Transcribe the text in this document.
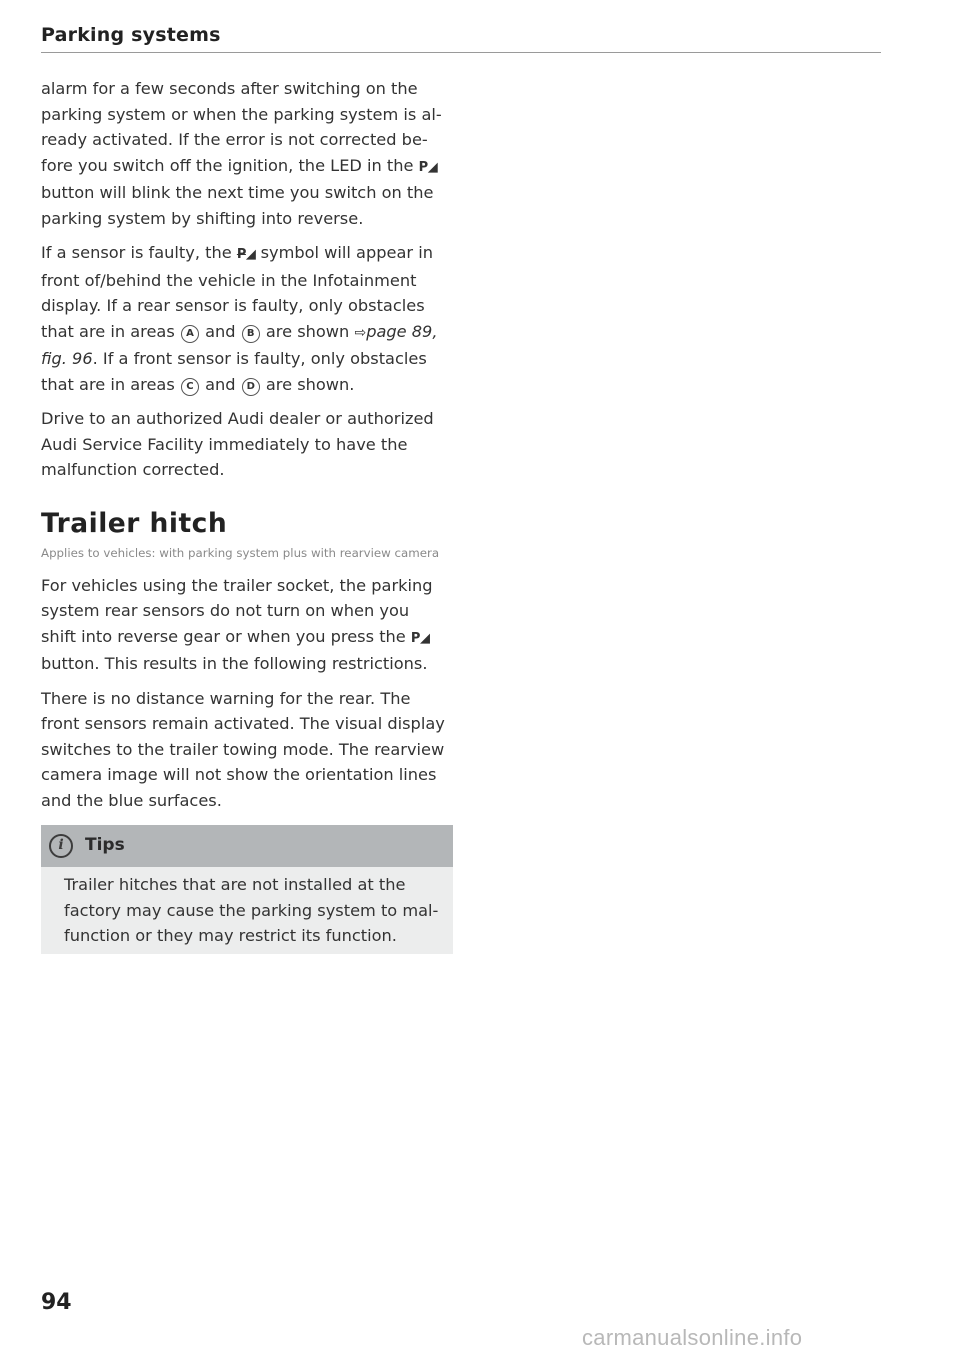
Parking systems

alarm for a few seconds after switching on the
parking system or when the parking system is al-
ready activated. If the error is not corrected be-
fore you switch off the ignition, the LED in the P◢
button will blink the next time you switch on the
parking system by shifting into reverse.

If a sensor is faulty, the P◢ symbol will appear in
front of/behind the vehicle in the Infotainment
display. If a rear sensor is faulty, only obstacles
that are in areas A and B are shown ⇨page 89,
fig. 96. If a front sensor is faulty, only obstacles
that are in areas C and D are shown.

Drive to an authorized Audi dealer or authorized
Audi Service Facility immediately to have the
malfunction corrected.

Trailer hitch
Applies to vehicles: with parking system plus with rearview camera

For vehicles using the trailer socket, the parking
system rear sensors do not turn on when you
shift into reverse gear or when you press the P◢
button. This results in the following restrictions.

There is no distance warning for the rear. The
front sensors remain activated. The visual display
switches to the trailer towing mode. The rearview
camera image will not show the orientation lines
and the blue surfaces.

i	Tips
Trailer hitches that are not installed at the
factory may cause the parking system to mal-
function or they may restrict its function.
94
carmanualsonline.info
